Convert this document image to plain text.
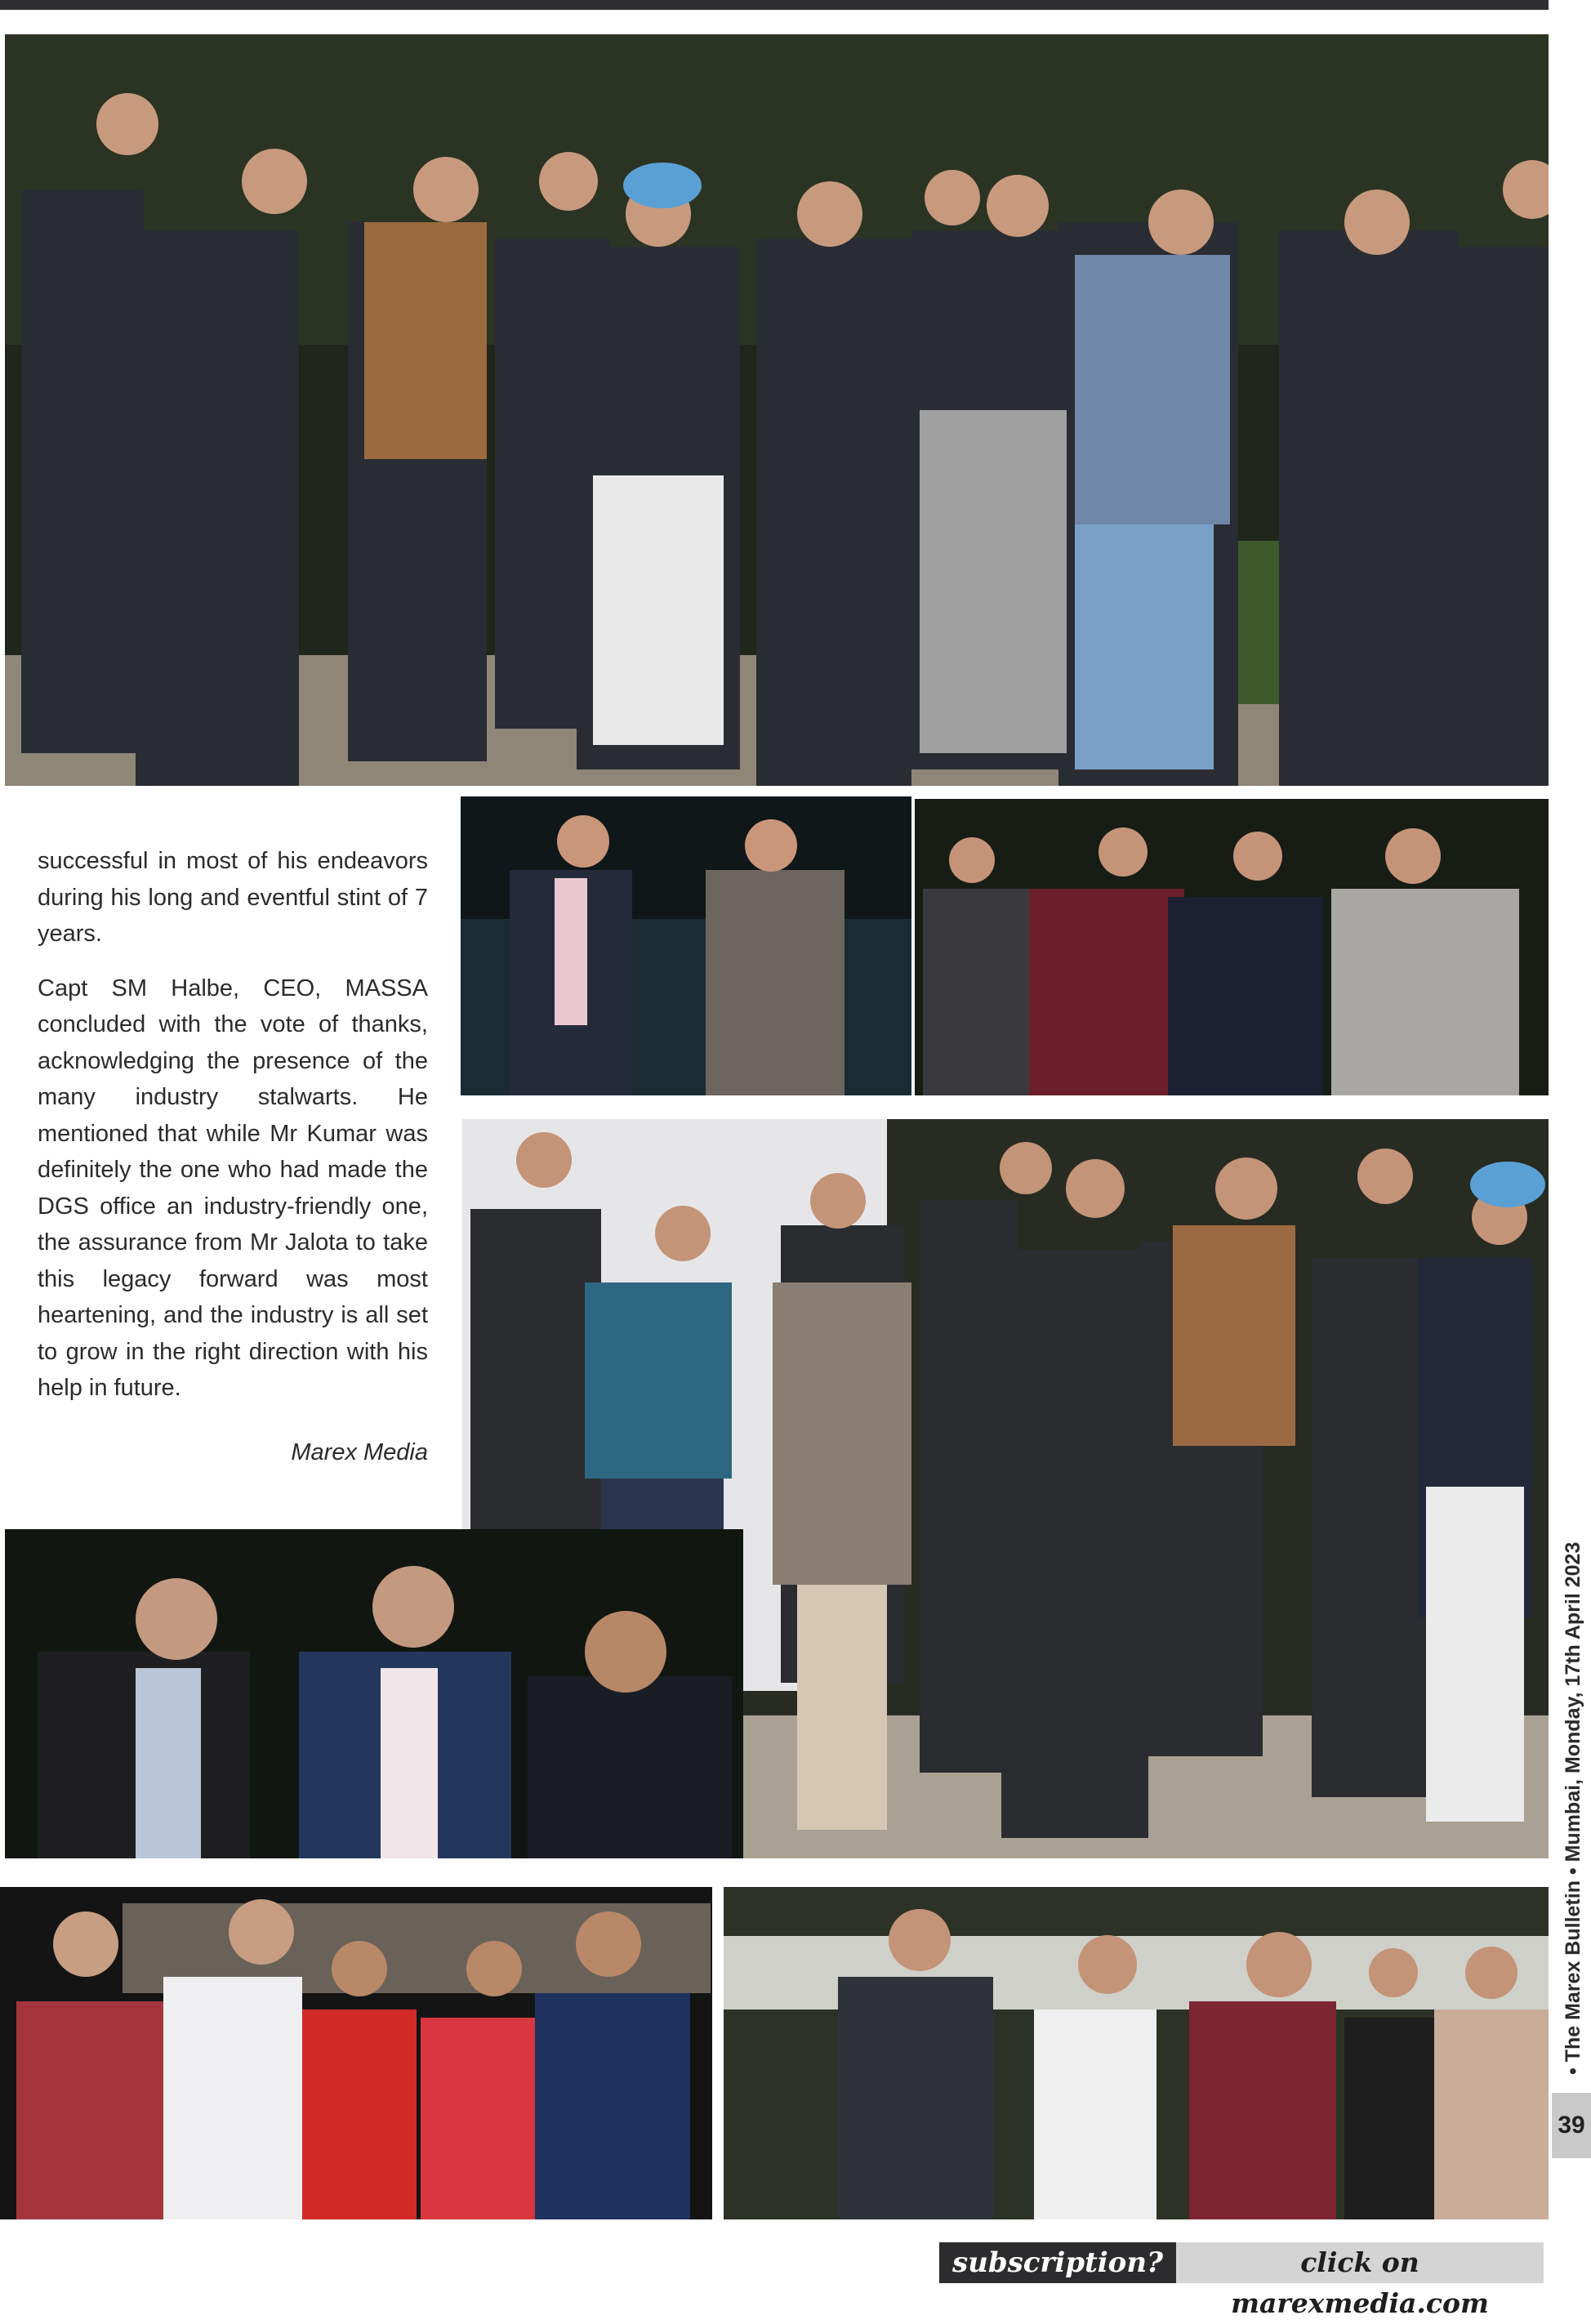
successful in most of his endeavors during his long and eventful stint of 7 years.

Capt SM Halbe, CEO, MASSA concluded with the vote of thanks, acknowledging the presence of the many industry stalwarts. He mentioned that while Mr Kumar was definitely the one who had made the DGS office an industry-friendly one, the assurance from Mr Jalota to take this legacy forward was most heartening, and the industry is all set to grow in the right direction with his help in future.

Marex Media
• The Marex Bulletin • Mumbai, Monday, 17th April 2023
39
subscription?	click on marexmedia.com
